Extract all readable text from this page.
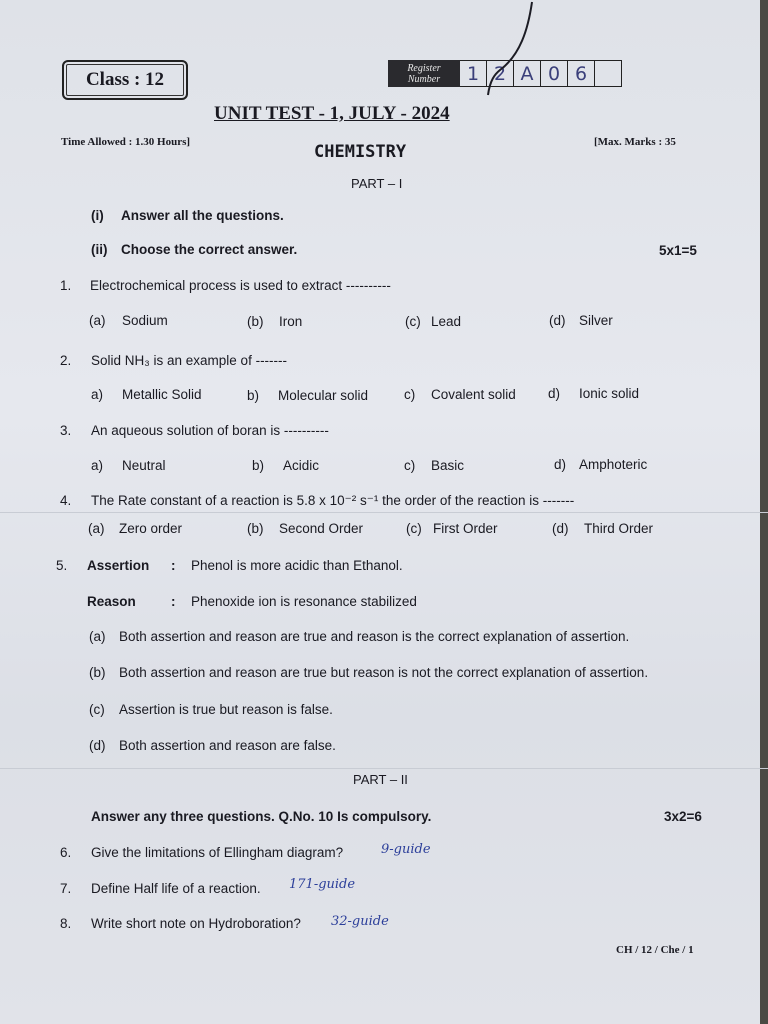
Class : 12
Register
Number	1 2 A 0 6
UNIT TEST - 1, JULY - 2024
Time Allowed : 1.30 Hours]	[Max. Marks : 35
CHEMISTRY
PART – I
(i) Answer all the questions.
(ii) Choose the correct answer.	5x1=5
1. Electrochemical process is used to extract ----------
(a) Sodium	(b) Iron	(c) Lead	(d) Silver
2. Solid NH₃ is an example of -------
a) Metallic Solid	b) Molecular solid	c) Covalent solid d) Ionic solid
3. An aqueous solution of boran is ----------
a) Neutral	b) Acidic	c) Basic	d) Amphoteric
4. The Rate constant of a reaction is 5.8 x 10⁻² s⁻¹ the order of the reaction is -------
(a) Zero order	(b) Second Order	(c) First Order	(d) Third Order
5. Assertion : Phenol is more acidic than Ethanol.
Reason	: Phenoxide ion is resonance stabilized
(a) Both assertion and reason are true and reason is the correct explanation of assertion.
(b) Both assertion and reason are true but reason is not the correct explanation of assertion.
(c) Assertion is true but reason is false.
(d) Both assertion and reason are false.
PART – II
Answer any three questions. Q.No. 10 Is compulsory.	3x2=6
6. Give the limitations of Ellingham diagram?	9-guide
7. Define Half life of a reaction. 171-guide
8. Write short note on Hydroboration? 32-guide
CH / 12 / Che / 1
